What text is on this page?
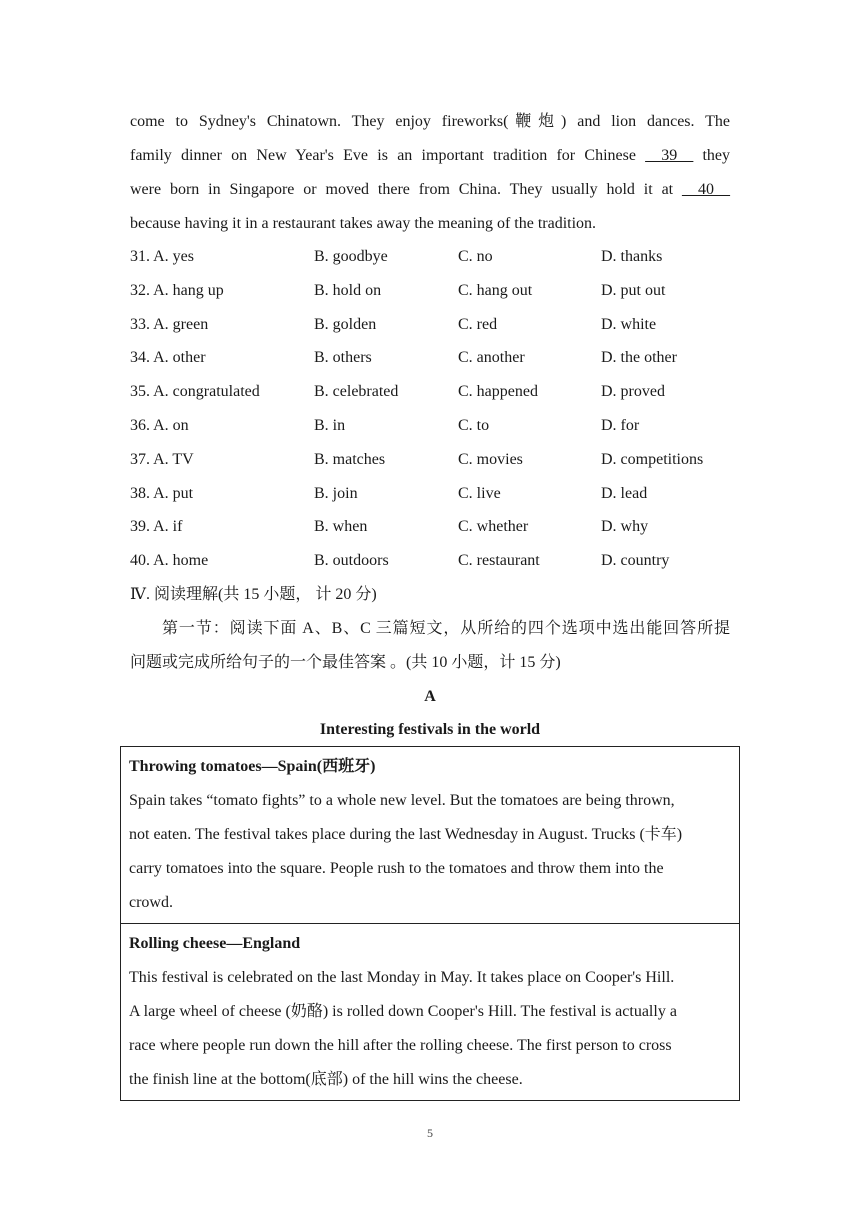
come to Sydney's Chinatown. They enjoy fireworks(鞭炮) and lion dances. The
family dinner on New Year's Eve is an important tradition for Chinese __39__ they
were born in Singapore or moved there from China. They usually hold it at __40__
because having it in a restaurant takes away the meaning of the tradition.
31. A. yes	B. goodbye	C. no	D. thanks
32. A. hang up	B. hold on	C. hang out	D. put out
33. A. green	B. golden	C. red	D. white
34. A. other	B. others	C. another	D. the other
35. A. congratulated	B. celebrated	C. happened	D. proved
36. A. on	B. in	C. to	D. for
37. A. TV	B. matches	C. movies	D. competitions
38. A. put	B. join	C. live	D. lead
39. A. if	B. when	C. whether	D. why
40. A. home	B. outdoors	C. restaurant	D. country
Ⅳ. 阅读理解(共 15 小题， 计 20 分)
第一节：阅读下面 A、B、C 三篇短文，从所给的四个选项中选出能回答所提
问题或完成所给句子的一个最佳答案 。(共 10 小题，计 15 分)
A
Interesting festivals in the world
Throwing tomatoes—Spain(西班牙)
Spain takes “tomato fights” to a whole new level. But the tomatoes are being thrown,
not eaten. The festival takes place during the last Wednesday in August. Trucks (卡车)
carry tomatoes into the square. People rush to the tomatoes and throw them into the
crowd.

Rolling cheese—England
This festival is celebrated on the last Monday in May. It takes place on Cooper's Hill.
A large wheel of cheese (奶酪) is rolled down Cooper's Hill. The festival is actually a
race where people run down the hill after the rolling cheese. The first person to cross
the finish line at the bottom(底部) of the hill wins the cheese.
5
